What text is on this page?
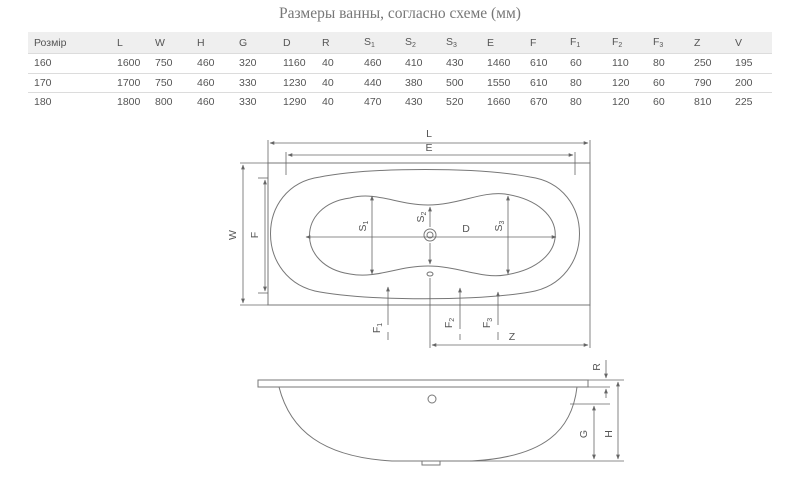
Размеры ванны, согласно схеме (мм)
Розмір	L	W	H	G	D	R	$S_1$	$S_2$	$S_3$	E	F	$F_1$	$F_2$	$F_3$	Z	V
160	1600	750	460	320	1160	40	460	410	430	1460	610	60	110	80	250	195
170	1700	750	460	330	1230	40	440	380	500	1550	610	80	120	60	790	200
180	1800	800	460	330	1290	40	470	430	520	1660	670	80	120	60	810	225
L
E
W F	D
S1
S2
S3
F1	F2
F3
Z
R
G H
